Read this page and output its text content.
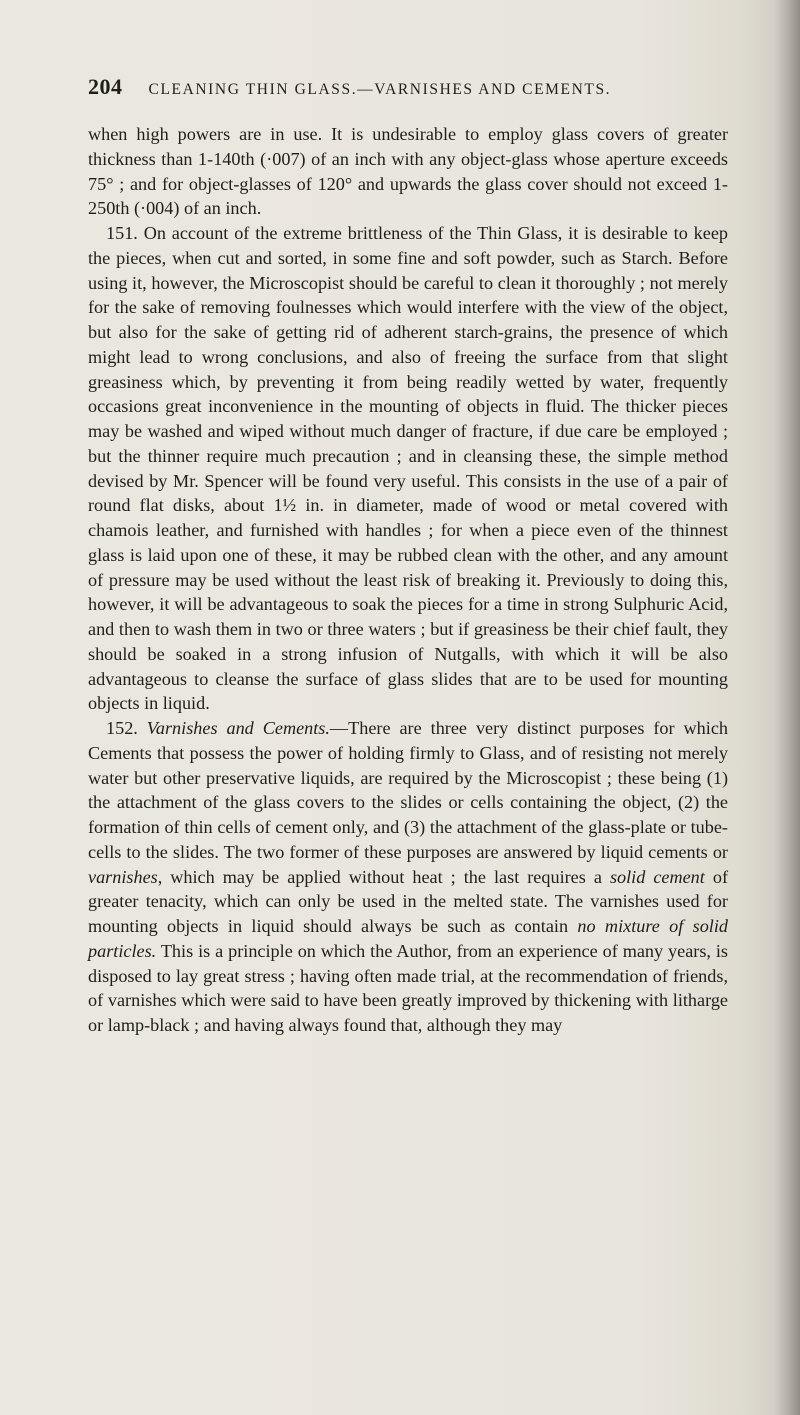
204 CLEANING THIN GLASS.—VARNISHES AND CEMENTS.

when high powers are in use. It is undesirable to employ glass covers of greater thickness than 1-140th (·007) of an inch with any object-glass whose aperture exceeds 75° ; and for object-glasses of 120° and upwards the glass cover should not exceed 1-250th (·004) of an inch.

151. On account of the extreme brittleness of the Thin Glass, it is desirable to keep the pieces, when cut and sorted, in some fine and soft powder, such as Starch. Before using it, however, the Microscopist should be careful to clean it thoroughly ; not merely for the sake of removing foulnesses which would interfere with the view of the object, but also for the sake of getting rid of adherent starch-grains, the presence of which might lead to wrong conclusions, and also of freeing the surface from that slight greasiness which, by preventing it from being readily wetted by water, frequently occasions great inconvenience in the mounting of objects in fluid. The thicker pieces may be washed and wiped without much danger of fracture, if due care be employed ; but the thinner require much precaution ; and in cleansing these, the simple method devised by Mr. Spencer will be found very useful. This consists in the use of a pair of round flat disks, about 1½ in. in diameter, made of wood or metal covered with chamois leather, and furnished with handles ; for when a piece even of the thinnest glass is laid upon one of these, it may be rubbed clean with the other, and any amount of pressure may be used without the least risk of breaking it. Previously to doing this, however, it will be advantageous to soak the pieces for a time in strong Sulphuric Acid, and then to wash them in two or three waters ; but if greasiness be their chief fault, they should be soaked in a strong infusion of Nutgalls, with which it will be also advantageous to cleanse the surface of glass slides that are to be used for mounting objects in liquid.

152. Varnishes and Cements.—There are three very distinct purposes for which Cements that possess the power of holding firmly to Glass, and of resisting not merely water but other preservative liquids, are required by the Microscopist ; these being (1) the attachment of the glass covers to the slides or cells containing the object, (2) the formation of thin cells of cement only, and (3) the attachment of the glass-plate or tube-cells to the slides. The two former of these purposes are answered by liquid cements or varnishes, which may be applied without heat ; the last requires a solid cement of greater tenacity, which can only be used in the melted state. The varnishes used for mounting objects in liquid should always be such as contain no mixture of solid particles. This is a principle on which the Author, from an experience of many years, is disposed to lay great stress ; having often made trial, at the recommendation of friends, of varnishes which were said to have been greatly improved by thickening with litharge or lamp-black ; and having always found that, although they may
